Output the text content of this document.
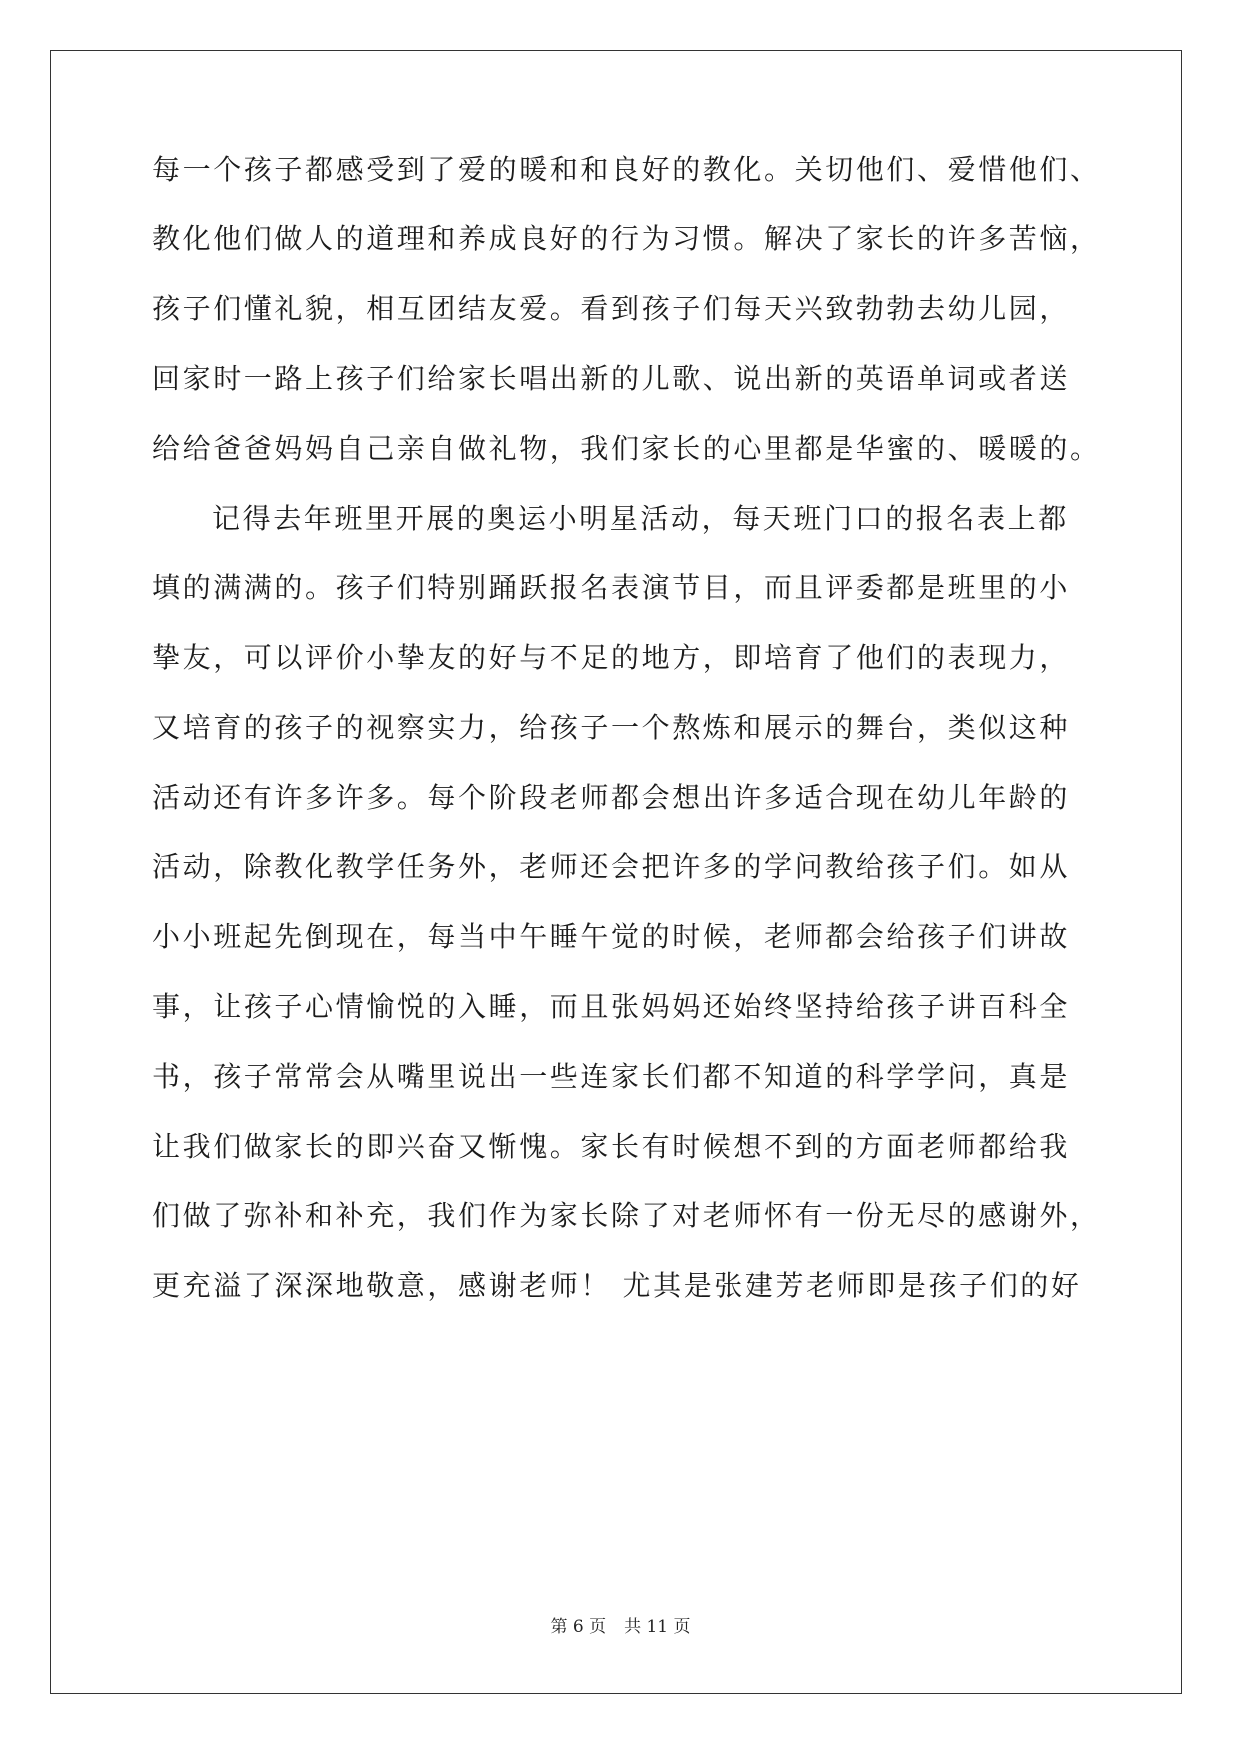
每一个孩子都感受到了爱的暖和和良好的教化。关切他们、爱惜他们、
教化他们做人的道理和养成良好的行为习惯。解决了家长的许多苦恼，
孩子们懂礼貌，相互团结友爱。看到孩子们每天兴致勃勃去幼儿园，
回家时一路上孩子们给家长唱出新的儿歌、说出新的英语单词或者送
给给爸爸妈妈自己亲自做礼物，我们家长的心里都是华蜜的、暖暖的。
记得去年班里开展的奥运小明星活动，每天班门口的报名表上都
填的满满的。孩子们特别踊跃报名表演节目，而且评委都是班里的小
挚友，可以评价小挚友的好与不足的地方，即培育了他们的表现力，
又培育的孩子的视察实力，给孩子一个熬炼和展示的舞台，类似这种
活动还有许多许多。每个阶段老师都会想出许多适合现在幼儿年龄的
活动，除教化教学任务外，老师还会把许多的学问教给孩子们。如从
小小班起先倒现在，每当中午睡午觉的时候，老师都会给孩子们讲故
事，让孩子心情愉悦的入睡，而且张妈妈还始终坚持给孩子讲百科全
书，孩子常常会从嘴里说出一些连家长们都不知道的科学学问，真是
让我们做家长的即兴奋又惭愧。家长有时候想不到的方面老师都给我
们做了弥补和补充，我们作为家长除了对老师怀有一份无尽的感谢外，
更充溢了深深地敬意，感谢老师！ 尤其是张建芳老师即是孩子们的好
第 6 页 共 11 页
